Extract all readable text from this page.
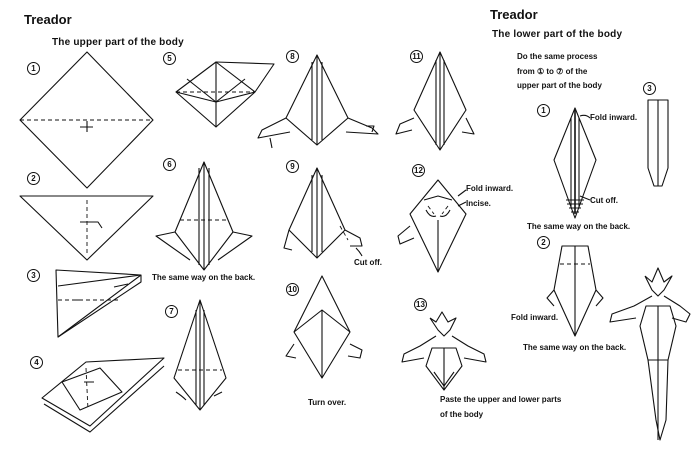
Treador
The upper part of the body
Treador
The lower part of the body
Do the same process
from ① to ⑦ of the
upper part of the body
1
2
3
4
5
6
7
8
9
10
11
12
13
1
3
2
The same way on the back.
Cut off.
Turn over.
Fold inward.
Incise.
Paste the upper and lower parts
of the body
Fold inward.
Cut off.
The same way on the back.
Fold inward.
The same way on the back.
